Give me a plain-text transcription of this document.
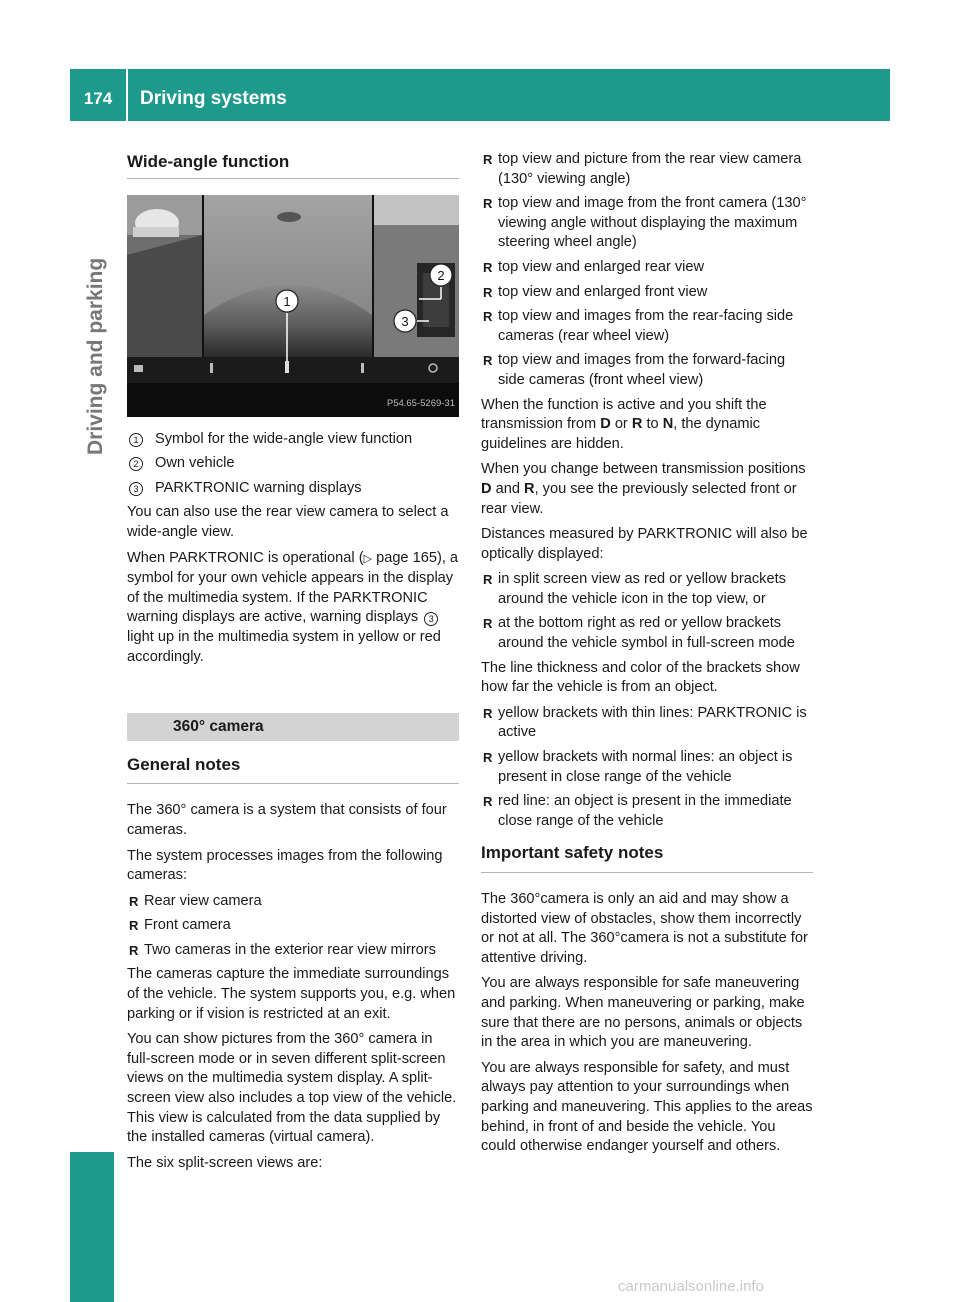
174	Driving systems
Driving and parking
Wide-angle function
1
2
3
P54.65-5269-31
1	Symbol for the wide-angle view function
2	Own vehicle
3	PARKTRONIC warning displays

You can also use the rear view camera to select a wide-angle view.

When PARKTRONIC is operational (▷ page 165), a symbol for your own vehicle appears in the display of the multimedia system. If the PARKTRONIC warning displays are active, warning displays 3 light up in the multimedia system in yellow or red accordingly.

360° camera
General notes

The 360° camera is a system that consists of four cameras.

The system processes images from the following cameras:

R Rear view camera
R Front camera
R Two cameras in the exterior rear view mirrors

The cameras capture the immediate surroundings of the vehicle. The system supports you, e.g. when parking or if vision is restricted at an exit.

You can show pictures from the 360° camera in full-screen mode or in seven different split-screen views on the multimedia system display. A split-screen view also includes a top view of the vehicle. This view is calculated from the data supplied by the installed cameras (virtual camera).

The six split-screen views are:

R top view and picture from the rear view camera (130° viewing angle)
R top view and image from the front camera (130° viewing angle without displaying the maximum steering wheel angle)
R top view and enlarged rear view
R top view and enlarged front view
R top view and images from the rear-facing side cameras (rear wheel view)
R top view and images from the forward-facing side cameras (front wheel view)

When the function is active and you shift the transmission from D or R to N, the dynamic guidelines are hidden.

When you change between transmission positions D and R, you see the previously selected front or rear view.

Distances measured by PARKTRONIC will also be optically displayed:

R in split screen view as red or yellow brackets around the vehicle icon in the top view, or
R at the bottom right as red or yellow brackets around the vehicle symbol in full-screen mode

The line thickness and color of the brackets show how far the vehicle is from an object.

R yellow brackets with thin lines: PARKTRONIC is active
R yellow brackets with normal lines: an object is present in close range of the vehicle
R red line: an object is present in the immediate close range of the vehicle
Important safety notes

The 360°camera is only an aid and may show a distorted view of obstacles, show them incorrectly or not at all. The 360°camera is not a substitute for attentive driving.

You are always responsible for safe maneuvering and parking. When maneuvering or parking, make sure that there are no persons, animals or objects in the area in which you are maneuvering.

You are always responsible for safety, and must always pay attention to your surroundings when parking and maneuvering. This applies to the areas behind, in front of and beside the vehicle. You could otherwise endanger yourself and others.

carmanualsonline.info
